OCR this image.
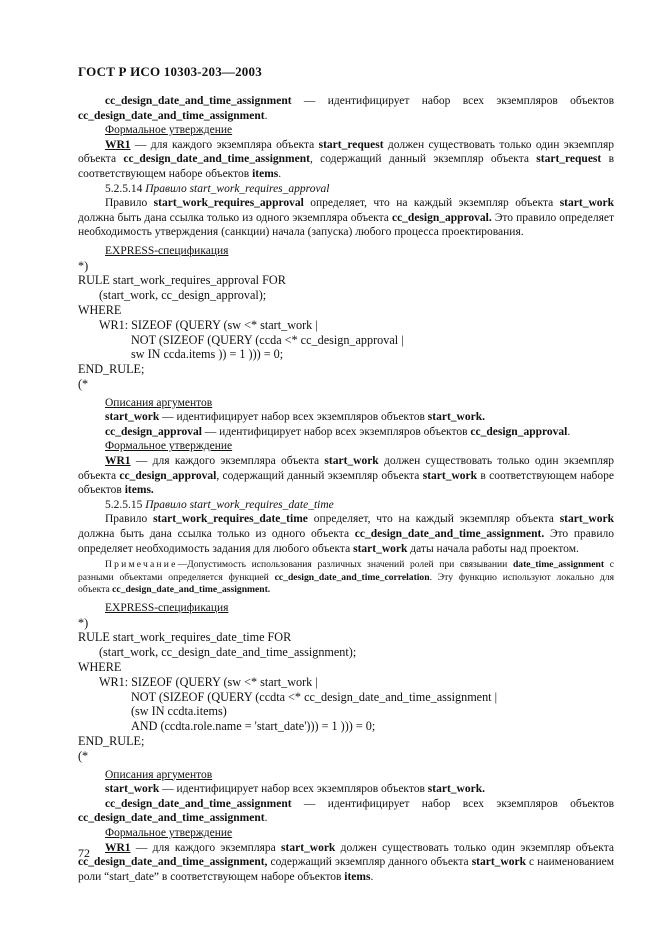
ГОСТ Р ИСО 10303-203—2003

cc_design_date_and_time_assignment — идентифицирует набор всех экземпляров объектов cc_design_date_and_time_assignment.

Формальное утверждение

WR1 — для каждого экземпляра объекта start_request должен существовать только один экземпляр объекта cc_design_date_and_time_assignment, содержащий данный экземпляр объекта start_request в соответствующем наборе объектов items.

5.2.5.14 Правило start_work_requires_approval

Правило start_work_requires_approval определяет, что на каждый экземпляр объекта start_work должна быть дана ссылка только из одного экземпляра объекта cc_design_approval. Это правило определяет необходимость утверждения (санкции) начала (запуска) любого процесса проектирования.

EXPRESS-спецификация

*)

RULE start_work_requires_approval FOR

(start_work, cc_design_approval);

WHERE

WR1: SIZEOF (QUERY (sw <* start_work |

NOT (SIZEOF (QUERY (ccda <* cc_design_approval |

sw IN ccda.items )) = 1 ))) = 0;

END_RULE;

(*

Описания аргументов

start_work — идентифицирует набор всех экземпляров объектов start_work.

cc_design_approval — идентифицирует набор всех экземпляров объектов cc_design_approval.

Формальное утверждение

WR1 — для каждого экземпляра объекта start_work должен существовать только один экземпляр объекта cc_design_approval, содержащий данный экземпляр объекта start_work в соответствующем наборе объектов items.

5.2.5.15 Правило start_work_requires_date_time

Правило start_work_requires_date_time определяет, что на каждый экземпляр объекта start_work должна быть дана ссылка только из одного объекта cc_design_date_and_time_assignment. Это правило определяет необходимость задания для любого объекта start_work даты начала работы над проектом.

Примечание—Допустимость использования различных значений ролей при связывании date_time_assignment с разными объектами определяется функцией cc_design_date_and_time_correlation. Эту функцию используют локально для объекта cc_design_date_and_time_assignment.

EXPRESS-спецификация

*)

RULE start_work_requires_date_time FOR

(start_work, cc_design_date_and_time_assignment);

WHERE

WR1: SIZEOF (QUERY (sw <* start_work |

NOT (SIZEOF (QUERY (ccdta <* cc_design_date_and_time_assignment |

(sw IN ccdta.items)

AND (ccdta.role.name = 'start_date'))) = 1 ))) = 0;

END_RULE;

(*

Описания аргументов

start_work — идентифицирует набор всех экземпляров объектов start_work.

cc_design_date_and_time_assignment — идентифицирует набор всех экземпляров объектов cc_design_date_and_time_assignment.

Формальное утверждение

WR1 — для каждого экземпляра start_work должен существовать только один экземпляр объекта cc_design_date_and_time_assignment, содержащий экземпляр данного объекта start_work с наименованием роли “start_date” в соответствующем наборе объектов items.

72
